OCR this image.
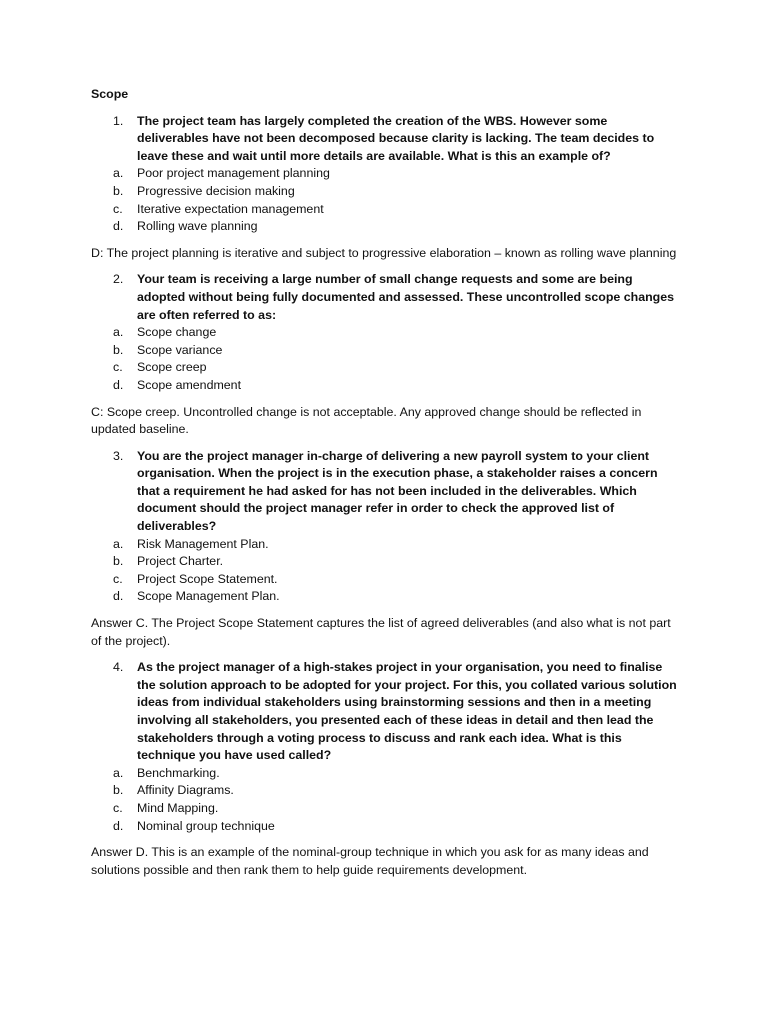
Scope

1. The project team has largely completed the creation of the WBS. However some deliverables have not been decomposed because clarity is lacking. The team decides to leave these and wait until more details are available. What is this an example of?

a. Poor project management planning
b. Progressive decision making
c. Iterative expectation management
d. Rolling wave planning

D: The project planning is iterative and subject to progressive elaboration – known as rolling wave planning

2. Your team is receiving a large number of small change requests and some are being adopted without being fully documented and assessed. These uncontrolled scope changes are often referred to as:

a. Scope change
b. Scope variance
c. Scope creep
d. Scope amendment

C: Scope creep. Uncontrolled change is not acceptable. Any approved change should be reflected in updated baseline.

3. You are the project manager in-charge of delivering a new payroll system to your client organisation. When the project is in the execution phase, a stakeholder raises a concern that a requirement he had asked for has not been included in the deliverables. Which document should the project manager refer in order to check the approved list of deliverables?

a. Risk Management Plan.
b. Project Charter.
c. Project Scope Statement.
d. Scope Management Plan.

Answer C. The Project Scope Statement captures the list of agreed deliverables (and also what is not part of the project).

4. As the project manager of a high-stakes project in your organisation, you need to finalise the solution approach to be adopted for your project. For this, you collated various solution ideas from individual stakeholders using brainstorming sessions and then in a meeting involving all stakeholders, you presented each of these ideas in detail and then lead the stakeholders through a voting process to discuss and rank each idea. What is this technique you have used called?

a. Benchmarking.
b. Affinity Diagrams.
c. Mind Mapping.
d. Nominal group technique

Answer D. This is an example of the nominal-group technique in which you ask for as many ideas and solutions possible and then rank them to help guide requirements development.
